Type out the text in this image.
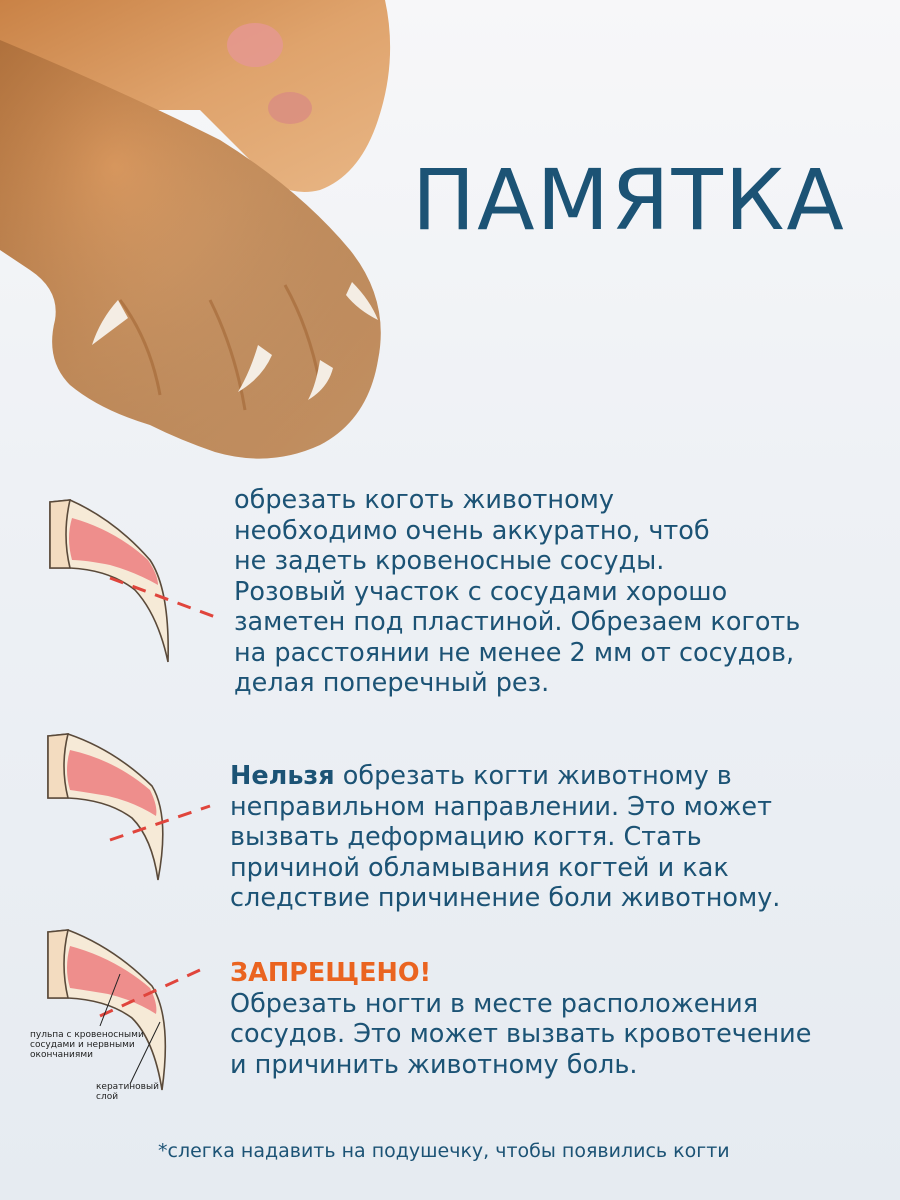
ПАМЯТКА
пульпа с кровеносными
сосудами и нервными
окончаниями
кератиновый
слой
обрезать коготь животному
необходимо очень аккуратно, чтоб
не задеть кровеносные сосуды.
Розовый участок с сосудами хорошо
заметен под пластиной. Обрезаем коготь
на расстоянии не менее 2 мм от сосудов,
делая поперечный рез.
Нельзя обрезать когти животному в
неправильном направлении. Это может
вызвать деформацию когтя. Стать
причиной обламывания когтей и как
следствие причинение боли животному.
ЗАПРЕЩЕНО!
Обрезать ногти в месте расположения
сосудов. Это может вызвать кровотечение
и причинить животному боль.
*слегка надавить на подушечку, чтобы появились когти
